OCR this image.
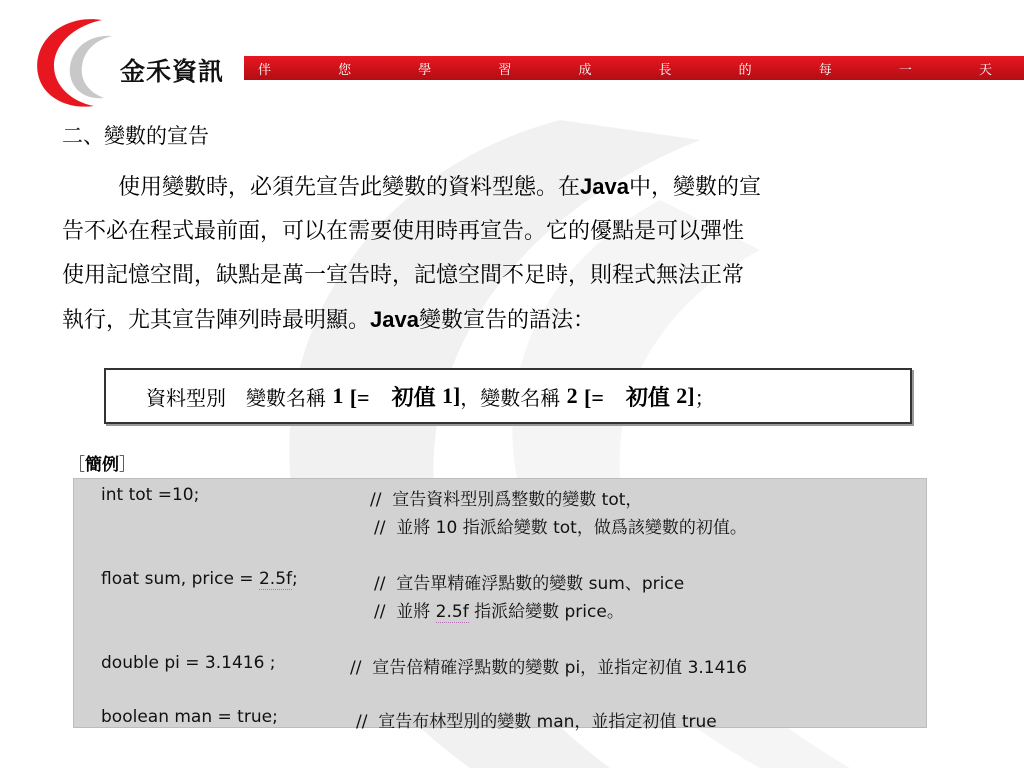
金禾資訊	伴	您	學	習	成	長	的	每	一	天
二、變數的宣告
使用變數時，必須先宣告此變數的資料型態。在Java中，變數的宣
告不必在程式最前面，可以在需要使用時再宣告。它的優點是可以彈性
使用記憶空間，缺點是萬一宣告時，記憶空間不足時，則程式無法正常
執行，尤其宣告陣列時最明顯。Java變數宣告的語法：
資料型別　變數名稱
1
[=　初值
1] ，變數名稱
2
[=　初值
2] ；
［簡例］
int tot =10;	//  宣告資料型別爲整數的變數 tot，
//  並將 10 指派給變數 tot，做爲該變數的初值。
float sum, price = 2.5f;	//  宣告單精確浮點數的變數 sum、price
//  並將 2.5f 指派給變數 price。
double pi = 3.1416 ;	//  宣告倍精確浮點數的變數 pi，並指定初值 3.1416
boolean man = true;	//  宣告布林型別的變數 man，並指定初值 true
